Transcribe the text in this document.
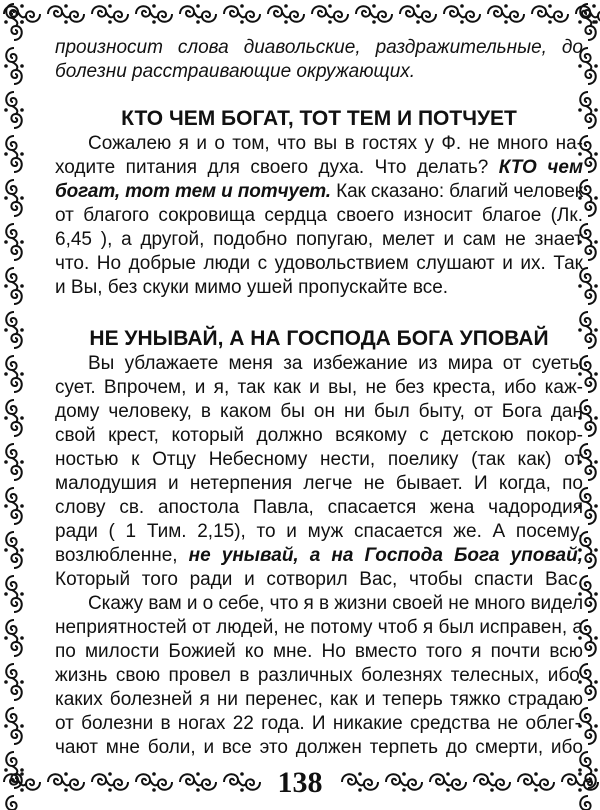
138
произносит слова диавольские, раздражительные, до
болезни расстраивающие окружающих.
КТО ЧЕМ БОГАТ, ТОТ ТЕМ И ПОТЧУЕТ
Сожалею я и о том, что вы в гостях у Ф. не много на-
ходите питания для своего духа. Что делать? КТО чем
богат, тот тем и потчует. Как сказано: благий человек
от благого сокровища сердца своего износит благое (Лк.
6,45 ), а другой, подобно попугаю, мелет и сам не знает
что. Но добрые люди с удовольствием слушают и их. Так
и Вы, без скуки мимо ушей пропускайте все.
НЕ УНЫВАЙ, А НА ГОСПОДА БОГА УПОВАЙ
Вы ублажаете меня за избежание из мира от суеты
сует. Впрочем, и я, так как и вы, не без креста, ибо каж-
дому человеку, в каком бы он ни был быту, от Бога дан
свой крест, который должно всякому с детскою покор-
ностью к Отцу Небесному нести, поелику (так как) от
малодушия и нетерпения легче не бывает. И когда, по
слову св. апостола Павла, спасается жена чадородия
ради ( 1 Тим. 2,15), то и муж спасается же. А посему,
возлюбленне, не унывай, а на Господа Бога уповай,
Который того ради и сотворил Вас, чтобы спасти Вас.
Скажу вам и о себе, что я в жизни своей не много видел
неприятностей от людей, не потому чтоб я был исправен, а
по милости Божией ко мне. Но вместо того я почти всю
жизнь свою провел в различных болезнях телесных, ибо
каких болезней я ни перенес, как и теперь тяжко страдаю
от болезни в ногах 22 года. И никакие средства не облег-
чают мне боли, и все это должен терпеть до смерти, ибо
